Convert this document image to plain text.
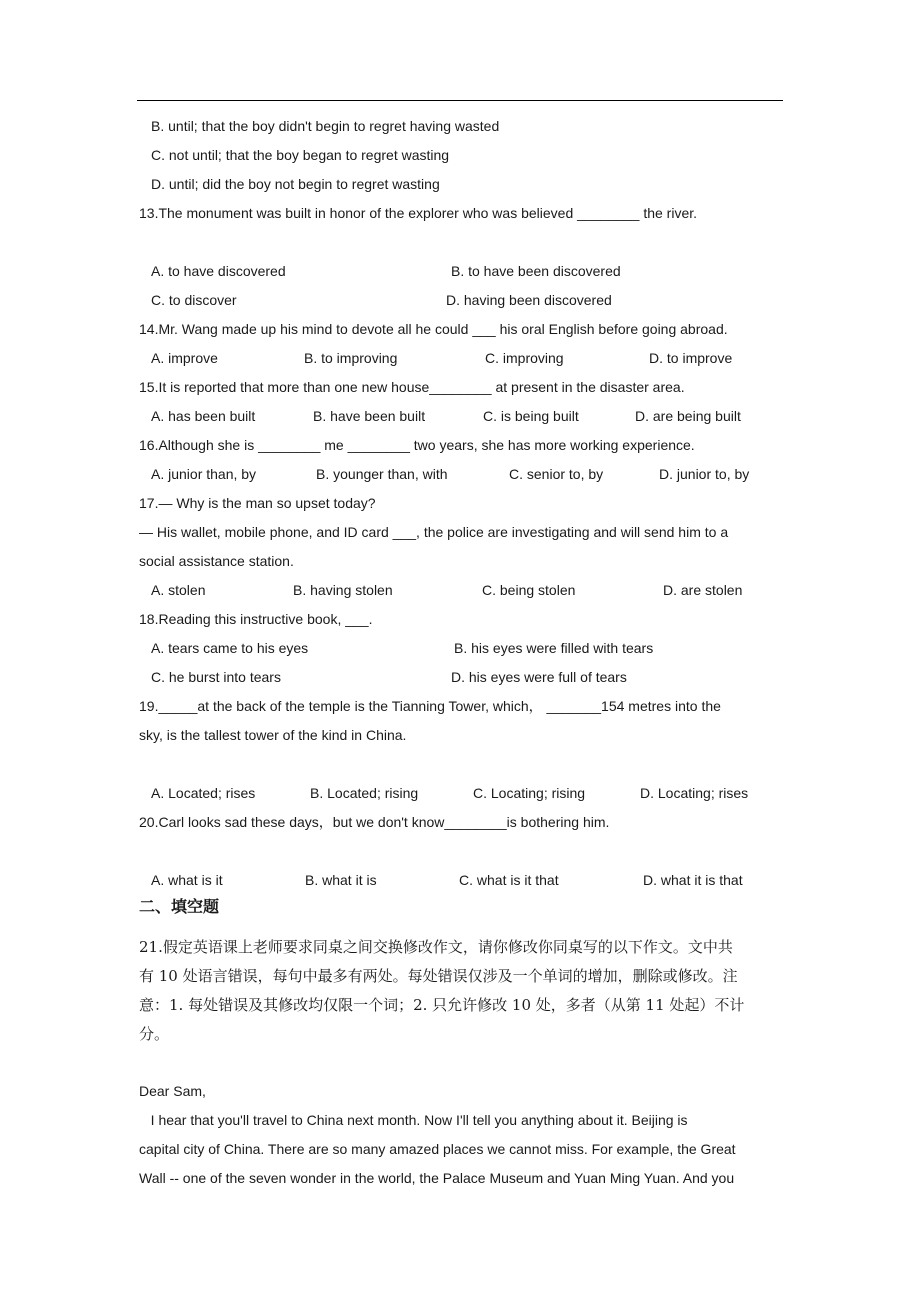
B. until; that the boy didn't begin to regret having wasted
C. not until; that the boy began to regret wasting
D. until; did the boy not begin to regret wasting
13.The monument was built in honor of the explorer who was believed ________ the river.
A. to have discovered	B. to have been discovered
C. to discover	D. having been discovered
14.Mr. Wang made up his mind to devote all he could ___ his oral English before going abroad.
A. improve	B. to improving	C. improving	D. to improve
15.It is reported that more than one new house________ at present in the disaster area.
A. has been built	B. have been built	C. is being built	D. are being built
16.Although she is ________ me ________ two years, she has more working experience.
A. junior than, by	B. younger than, with	C. senior to, by	D. junior to, by
17.— Why is the man so upset today?
— His wallet, mobile phone, and ID card ___, the police are investigating and will send him to a
social assistance station.
A. stolen	B. having stolen	C. being stolen	D. are stolen
18.Reading this instructive book, ___.
A. tears came to his eyes	B. his eyes were filled with tears
C. he burst into tears	D. his eyes were full of tears
19._____at the back of the temple is the Tianning Tower, which， _______154 metres into the
sky, is the tallest tower of the kind in China.
A. Located; rises	B. Located; rising	C. Locating; rising	D. Locating; rises
20.Carl looks sad these days，but we don't know________is bothering him.
A. what is it	B. what it is	C. what is it that	D. what it is that
二、填空题
21.假定英语课上老师要求同桌之间交换修改作文，请你修改你同桌写的以下作文。文中共
有 10 处语言错误，每句中最多有两处。每处错误仅涉及一个单词的增加，删除或修改。注
意：1. 每处错误及其修改均仅限一个词；2. 只允许修改 10 处，多者（从第 11 处起）不计
分。
Dear Sam,
I hear that you'll travel to China next month. Now I'll tell you anything about it. Beijing is
capital city of China. There are so many amazed places we cannot miss. For example, the Great
Wall -- one of the seven wonder in the world, the Palace Museum and Yuan Ming Yuan. And you
